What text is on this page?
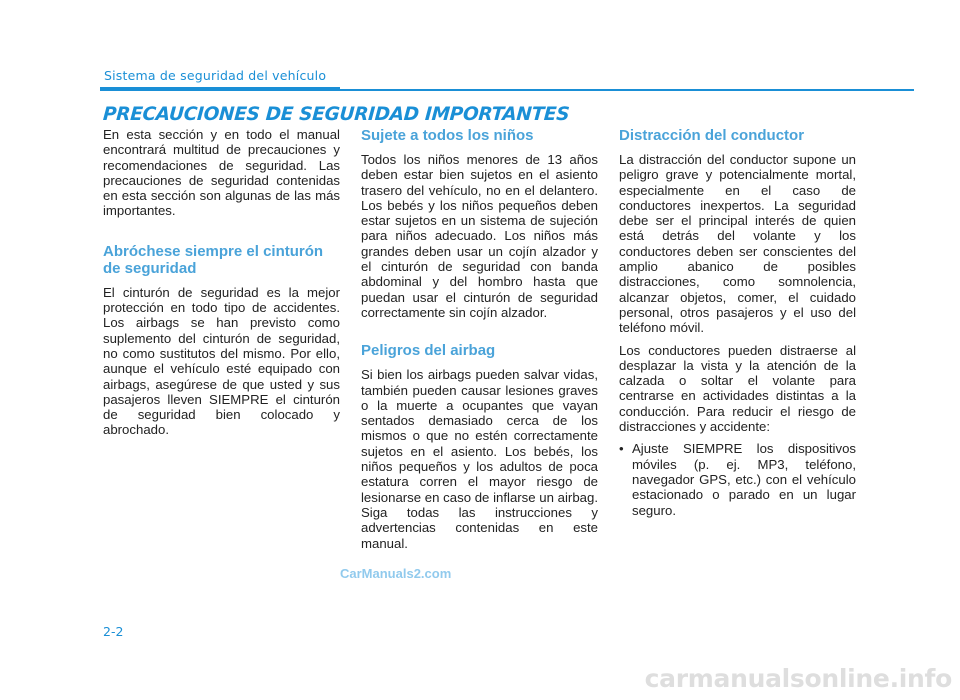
Sistema de seguridad del vehículo
PRECAUCIONES DE SEGURIDAD IMPORTANTES

En esta sección y en todo el manual encontrará multitud de precauciones y recomendaciones de seguridad. Las precauciones de seguridad contenidas en esta sección son algunas de las más importantes.

Abróchese siempre el cinturón de seguridad

El cinturón de seguridad es la mejor protección en todo tipo de accidentes. Los airbags se han previsto como suplemento del cinturón de seguridad, no como sustitutos del mismo. Por ello, aunque el vehículo esté equipado con airbags, asegúrese de que usted y sus pasajeros lleven SIEMPRE el cinturón de seguridad bien colocado y abrochado.

Sujete a todos los niños

Todos los niños menores de 13 años deben estar bien sujetos en el asiento trasero del vehículo, no en el delantero. Los bebés y los niños pequeños deben estar sujetos en un sistema de sujeción para niños adecuado. Los niños más grandes deben usar un cojín alzador y el cinturón de seguridad con banda abdominal y del hombro hasta que puedan usar el cinturón de seguridad correctamente sin cojín alzador.

Peligros del airbag

Si bien los airbags pueden salvar vidas, también pueden causar lesiones graves o la muerte a ocupantes que vayan sentados demasiado cerca de los mismos o que no estén correctamente sujetos en el asiento. Los bebés, los niños pequeños y los adultos de poca estatura corren el mayor riesgo de lesionarse en caso de inflarse un airbag. Siga todas las instrucciones y advertencias contenidas en este manual.

Distracción del conductor

La distracción del conductor supone un peligro grave y potencialmente mortal, especialmente en el caso de conductores inexpertos. La seguridad debe ser el principal interés de quien está detrás del volante y los conductores deben ser conscientes del amplio abanico de posibles distracciones, como somnolencia, alcanzar objetos, comer, el cuidado personal, otros pasajeros y el uso del teléfono móvil.

Los conductores pueden distraerse al desplazar la vista y la atención de la calzada o soltar el volante para centrarse en actividades distintas a la conducción. Para reducir el riesgo de distracciones y accidente:

• Ajuste SIEMPRE los dispositivos móviles (p. ej. MP3, teléfono, navegador GPS, etc.) con el vehículo estacionado o parado en un lugar seguro.
2-2
CarManuals2.com
carmanualsonline.info
